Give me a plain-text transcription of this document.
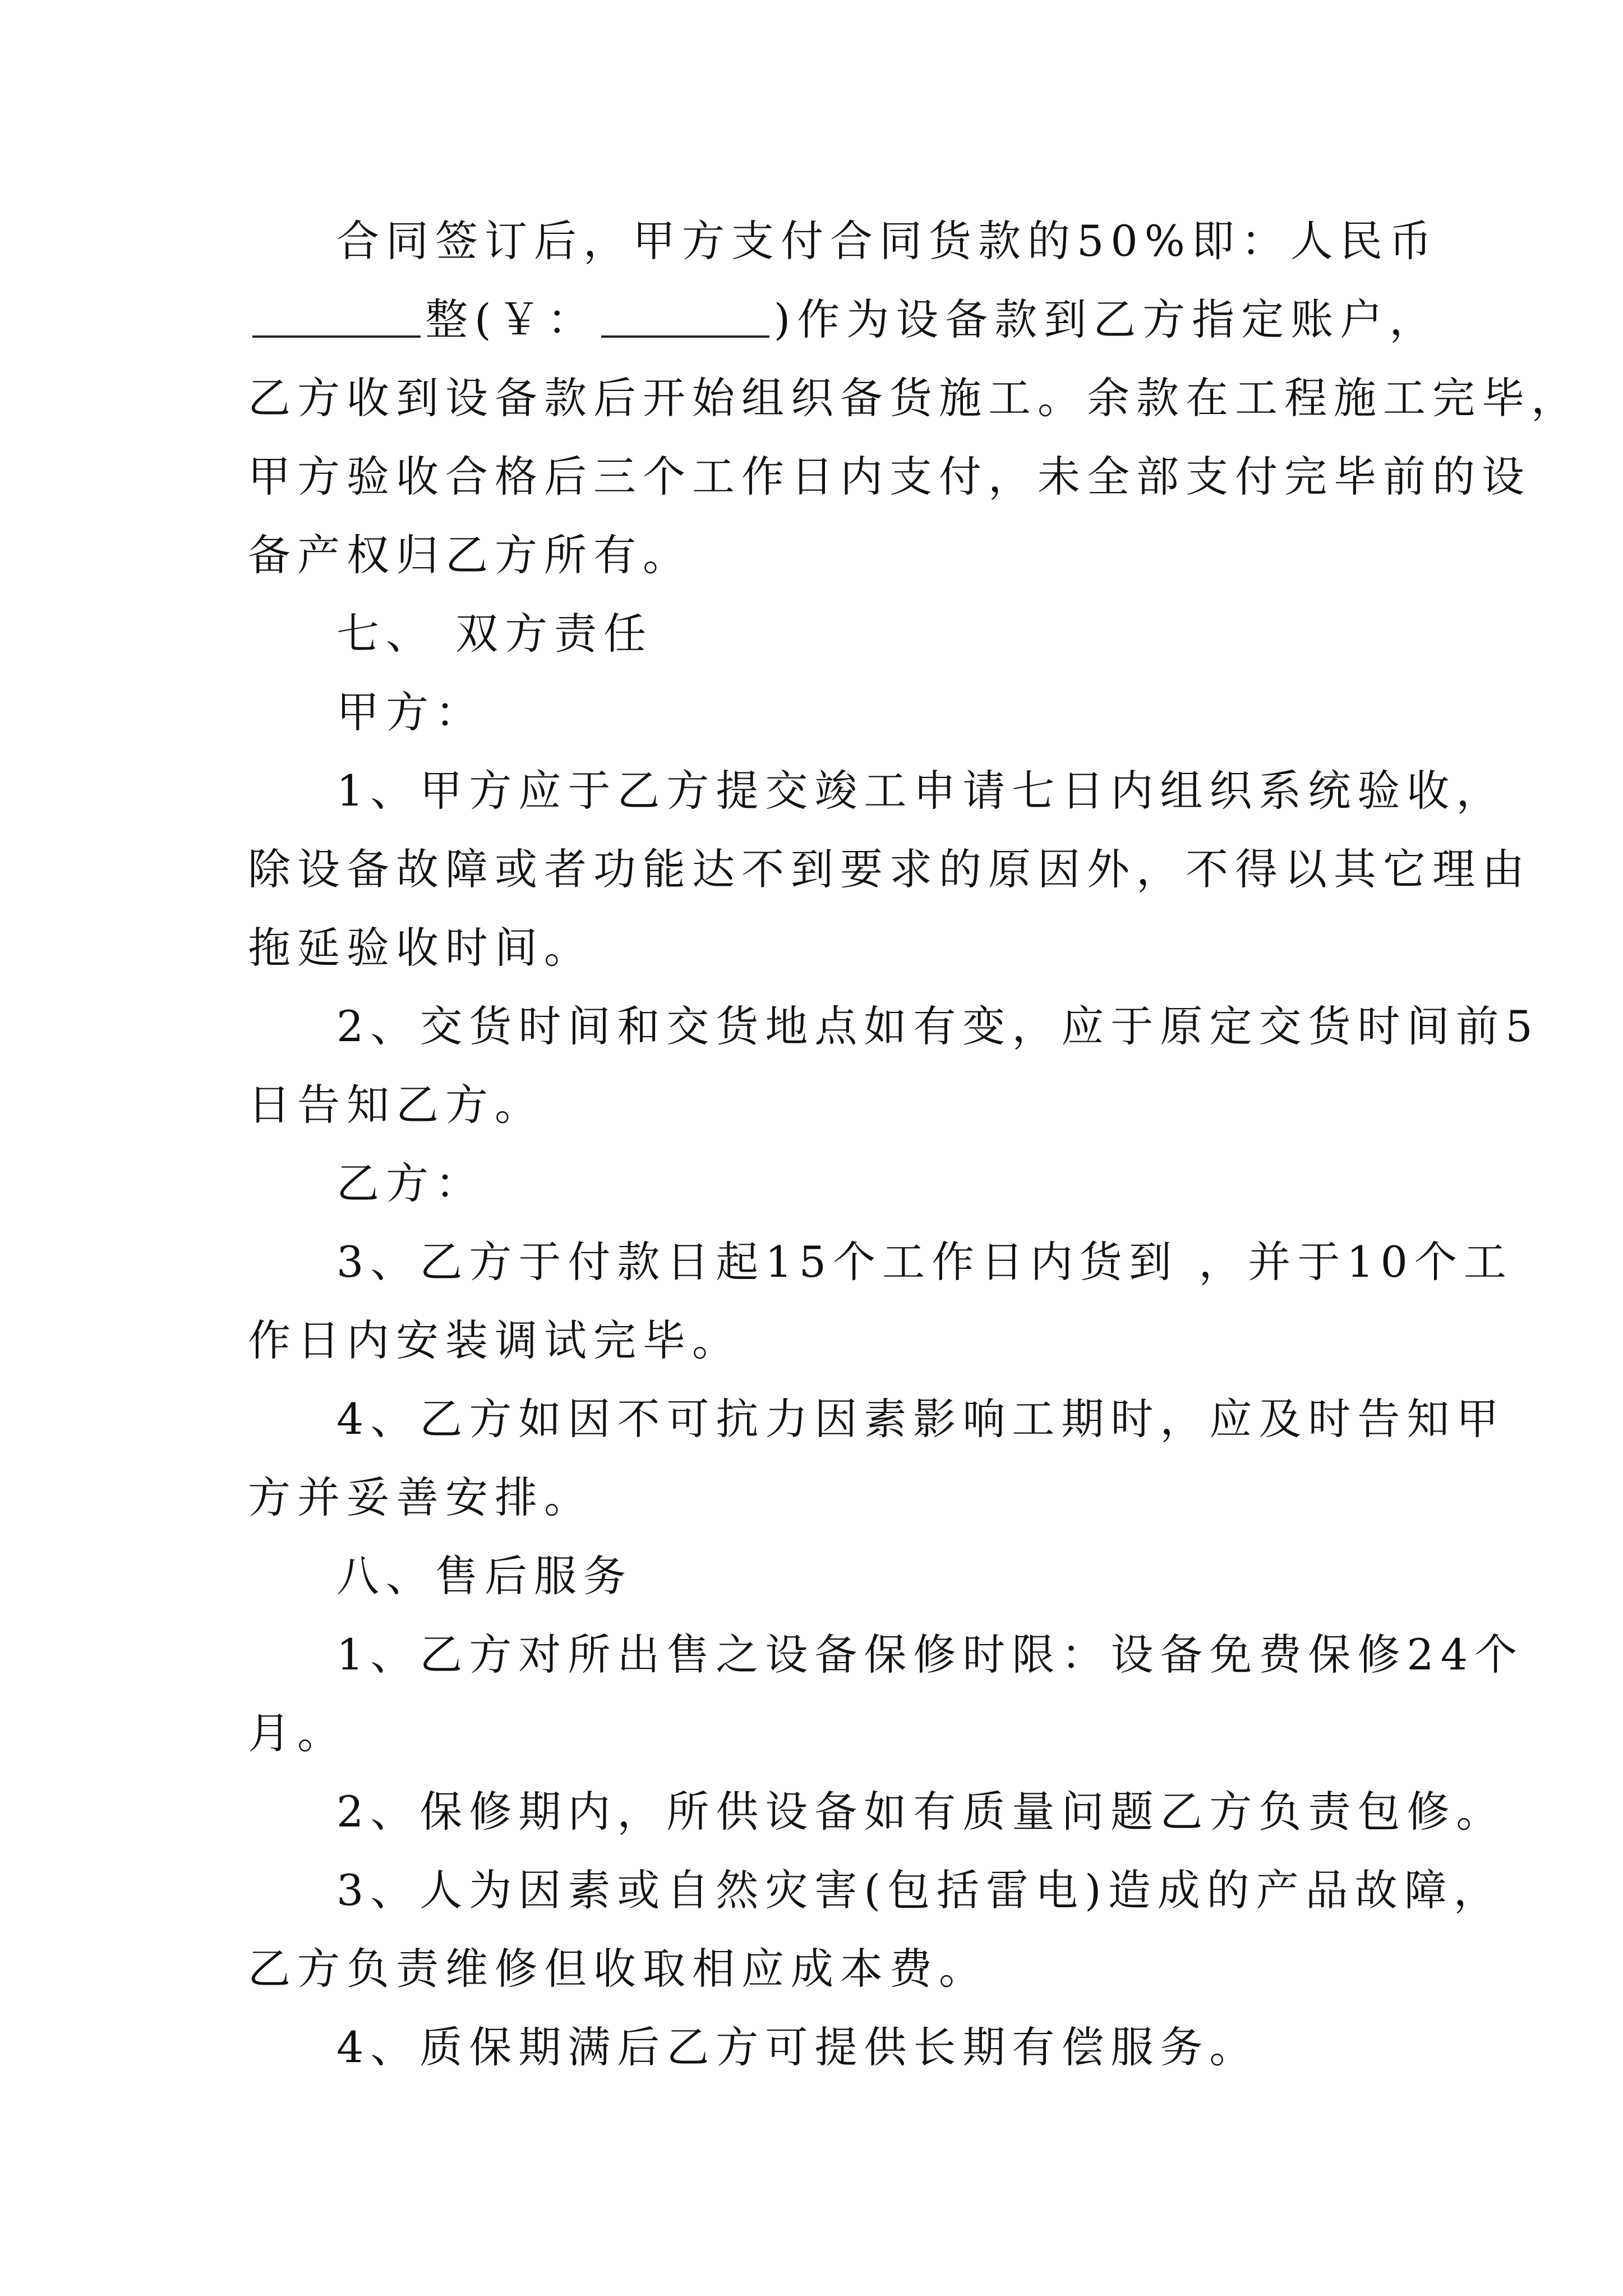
合同签订后，甲方支付合同货款的50%即：人民币
整(￥：	)作为设备款到乙方指定账户，
乙方收到设备款后开始组织备货施工。余款在工程施工完毕，
甲方验收合格后三个工作日内支付，未全部支付完毕前的设
备产权归乙方所有。
七、 双方责任
甲方：
1、甲方应于乙方提交竣工申请七日内组织系统验收，
除设备故障或者功能达不到要求的原因外，不得以其它理由
拖延验收时间。
2、交货时间和交货地点如有变，应于原定交货时间前5
日告知乙方。
乙方：
3、乙方于付款日起15个工作日内货到 ，并于10个工
作日内安装调试完毕。
4、乙方如因不可抗力因素影响工期时，应及时告知甲
方并妥善安排。
八、售后服务
1、乙方对所出售之设备保修时限：设备免费保修24个
月。
2、保修期内，所供设备如有质量问题乙方负责包修。
3、人为因素或自然灾害(包括雷电)造成的产品故障，
乙方负责维修但收取相应成本费。
4、质保期满后乙方可提供长期有偿服务。
